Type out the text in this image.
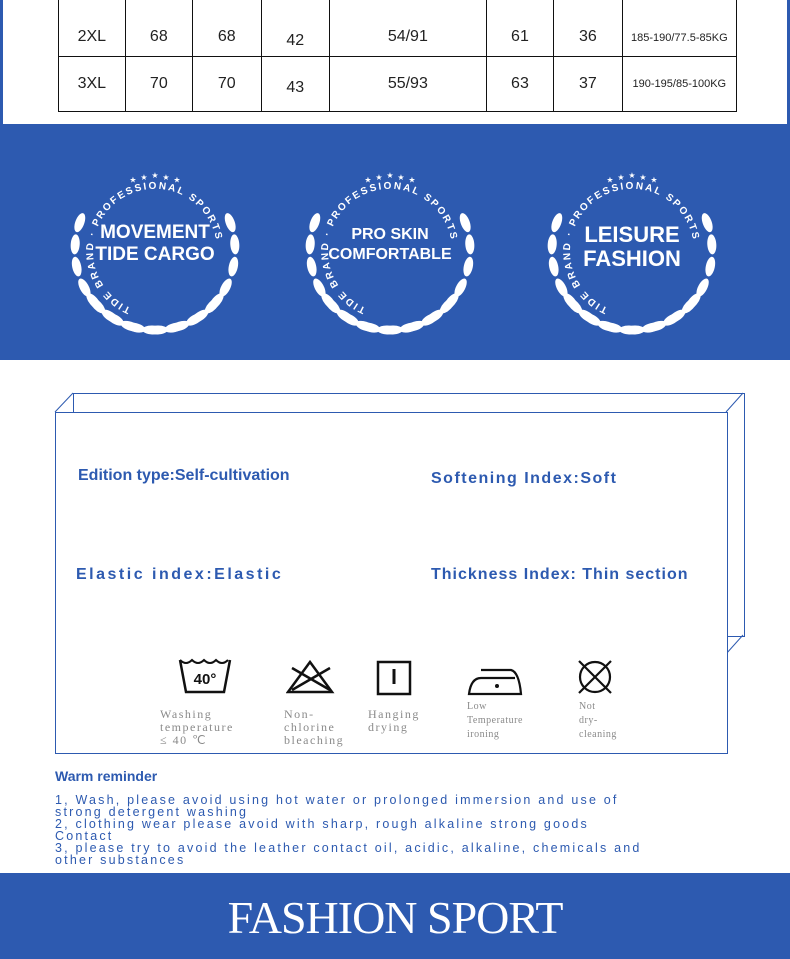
2XL	68	68	42	54/91	61	36	185-190/77.5-85KG
3XL	70	70	43	55/93	63	37	190-195/85-100KG
★ ★ ★ ★ ★
TIDE BRAND · PROFESSIONAL SPORTS
MOVEMENT
TIDE CARGO
★ ★ ★ ★ ★
TIDE BRAND · PROFESSIONAL SPORTS
PRO SKIN
COMFORTABLE
★ ★ ★ ★ ★
TIDE BRAND · PROFESSIONAL SPORTS
LEISURE
FASHION
Edition type:Self-cultivation	Softening Index:Soft
Elastic index:Elastic	Thickness Index: Thin section
40°
Washing
temperature
≤ 40 ℃
Non-
chlorine
bleaching
Hanging
drying
Low
Temperature
ironing
Not
dry-cleaning
Warm reminder
1, Wash, please avoid using hot water or prolonged immersion and use of
strong detergent washing
2, clothing wear please avoid with sharp, rough alkaline strong goods
Contact
3, please try to avoid the leather contact oil, acidic, alkaline, chemicals and
other substances
FASHION SPORT
